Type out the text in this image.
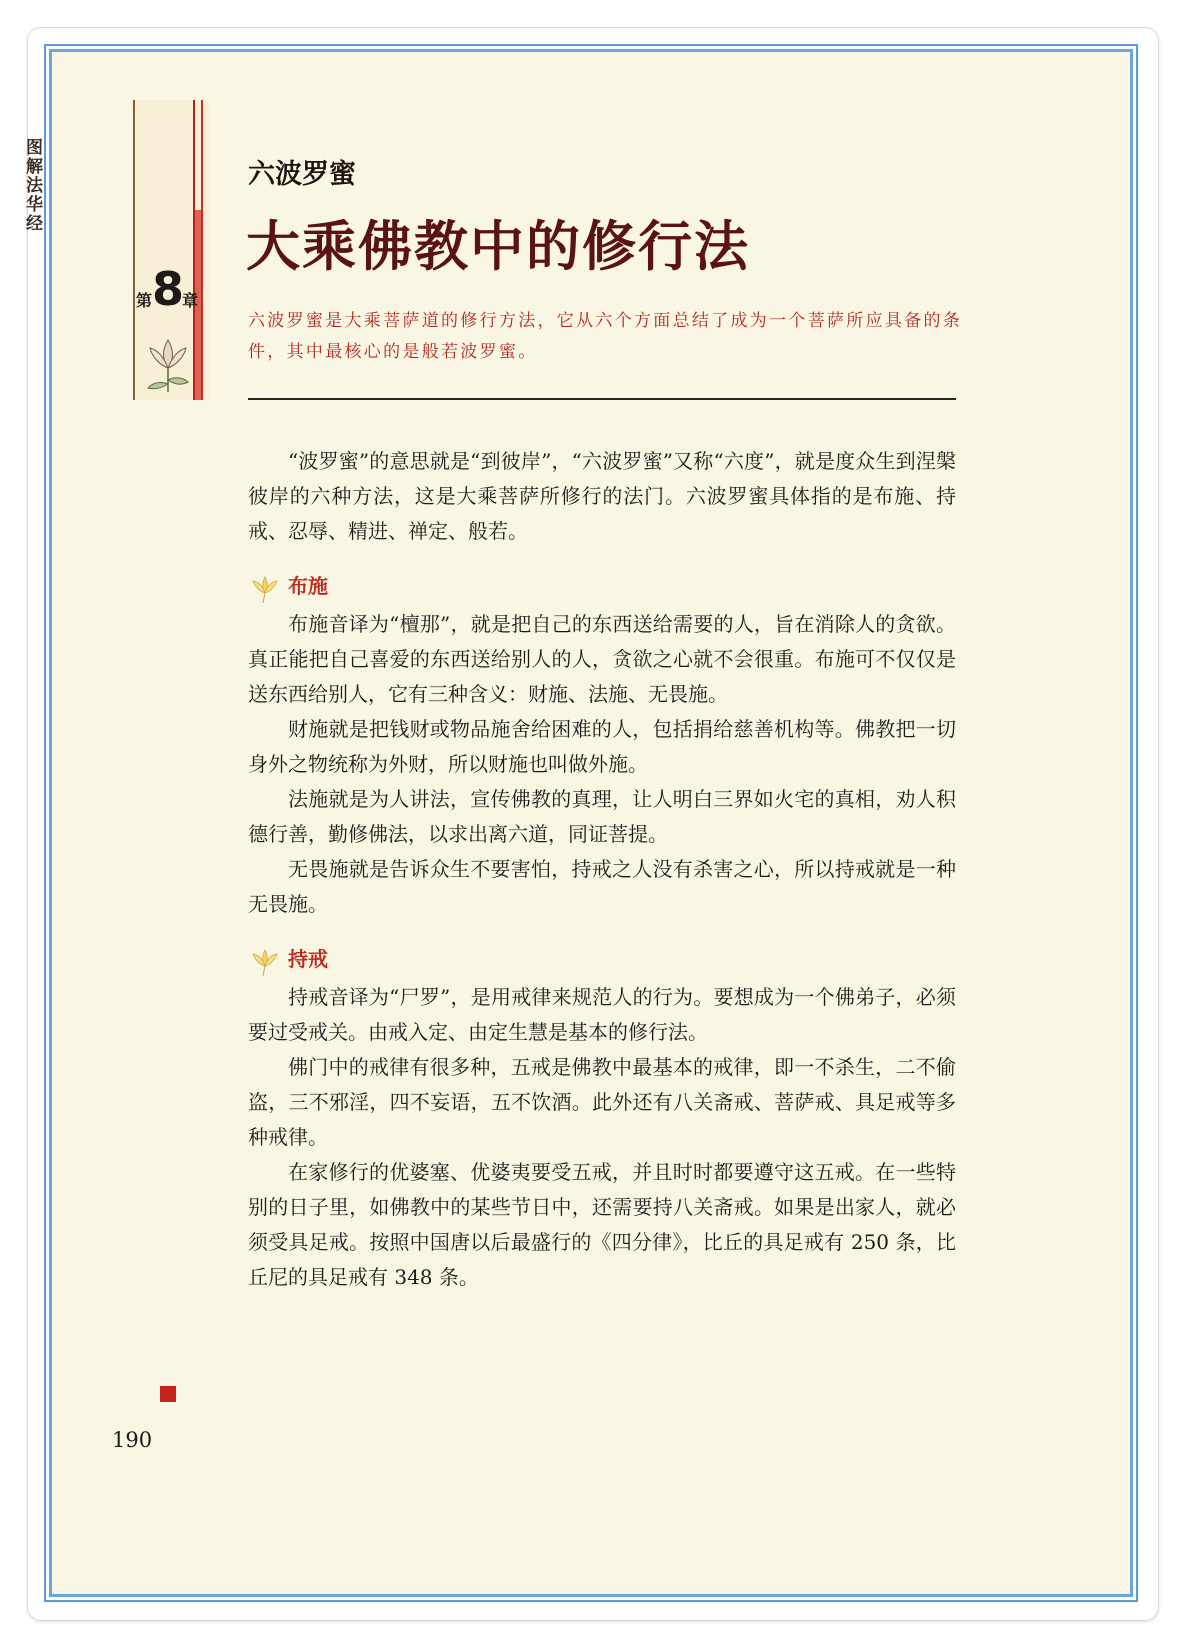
图解法华经
第 8
章
六波罗蜜
大乘佛教中的修行法
六波罗蜜是大乘菩萨道的修行方法，它从六个方面总结了成为一个菩萨所应具备的条件，其中最核心的是般若波罗蜜。

“波罗蜜”的意思就是“到彼岸”，“六波罗蜜”又称“六度”，就是度众生到涅槃彼岸的六种方法，这是大乘菩萨所修行的法门。六波罗蜜具体指的是布施、持戒、忍辱、精进、禅定、般若。

布施

布施音译为“檀那”，就是把自己的东西送给需要的人，旨在消除人的贪欲。真正能把自己喜爱的东西送给别人的人，贪欲之心就不会很重。布施可不仅仅是送东西给别人，它有三种含义：财施、法施、无畏施。

财施就是把钱财或物品施舍给困难的人，包括捐给慈善机构等。佛教把一切身外之物统称为外财，所以财施也叫做外施。

法施就是为人讲法，宣传佛教的真理，让人明白三界如火宅的真相，劝人积德行善，勤修佛法，以求出离六道，同证菩提。

无畏施就是告诉众生不要害怕，持戒之人没有杀害之心，所以持戒就是一种无畏施。

持戒

持戒音译为“尸罗”，是用戒律来规范人的行为。要想成为一个佛弟子，必须要过受戒关。由戒入定、由定生慧是基本的修行法。

佛门中的戒律有很多种，五戒是佛教中最基本的戒律，即一不杀生，二不偷盗，三不邪淫，四不妄语，五不饮酒。此外还有八关斋戒、菩萨戒、具足戒等多种戒律。

在家修行的优婆塞、优婆夷要受五戒，并且时时都要遵守这五戒。在一些特别的日子里，如佛教中的某些节日中，还需要持八关斋戒。如果是出家人，就必须受具足戒。按照中国唐以后最盛行的《四分律》，比丘的具足戒有 250 条，比丘尼的具足戒有 348 条。

190
